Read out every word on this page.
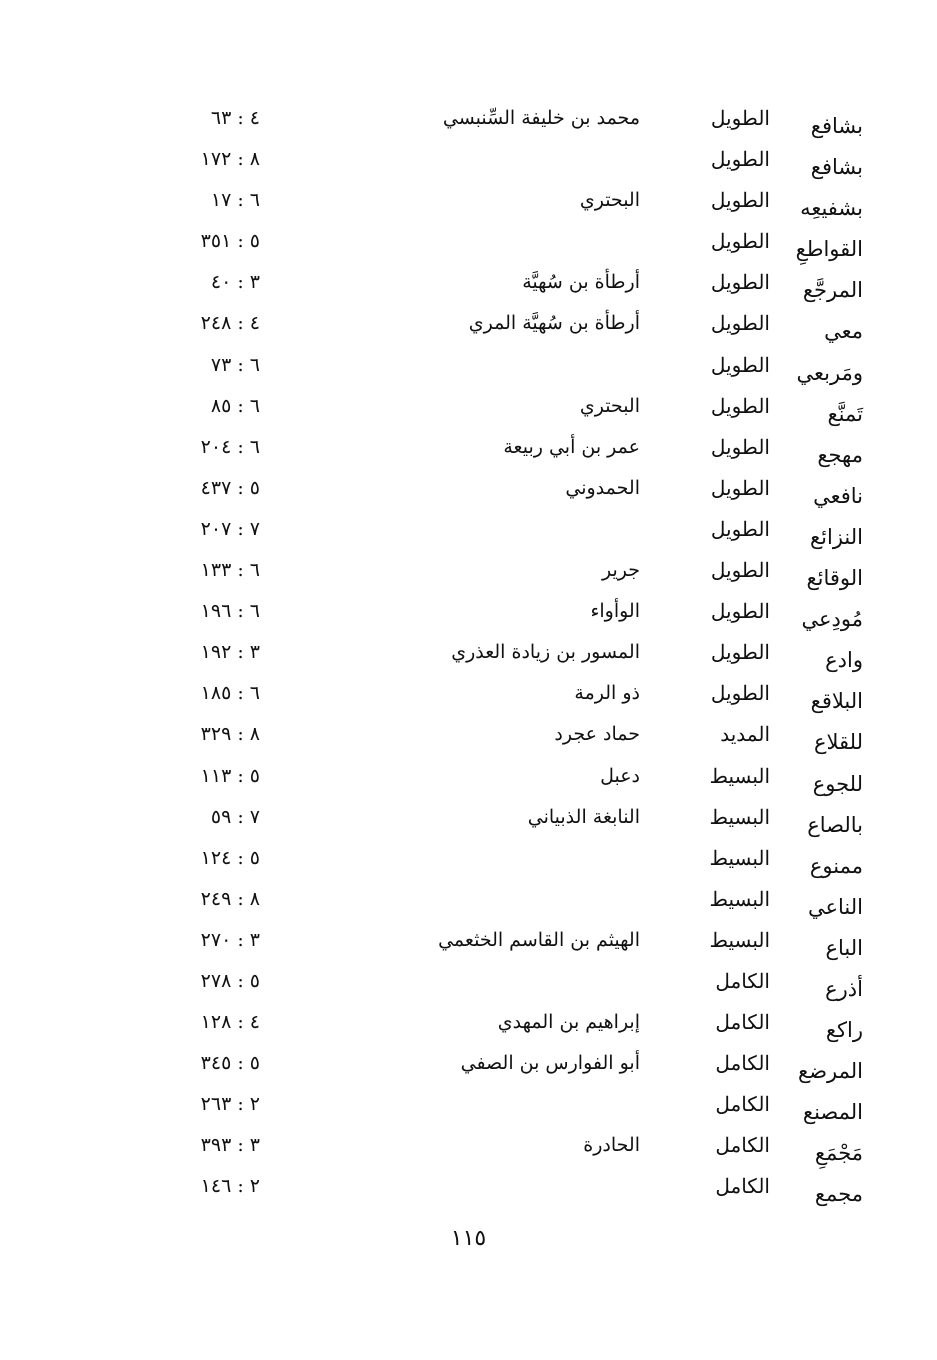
بشافع
الطويل
محمد بن خليفة السِّنبسي
٤ : ٦٣
بشافع
الطويل
٨ : ١٧٢
بشفيعِه
الطويل
البحتري
٦ : ١٧
القواطعِ
الطويل
٥ : ٣٥١
المرجَّع
الطويل
أرطأة بن سُهيَّة
٣ : ٤٠
معي
الطويل
أرطأة بن سُهيَّة المري
٤ : ٢٤٨
ومَربعي
الطويل
٦ : ٧٣
تَمنَّع
الطويل
البحتري
٦ : ٨٥
مهجع
الطويل
عمر بن أبي ربيعة
٦ : ٢٠٤
نافعي
الطويل
الحمدوني
٥ : ٤٣٧
النزائع
الطويل
٧ : ٢٠٧
الوقائع
الطويل
جرير
٦ : ١٣٣
مُودِعي
الطويل
الوأواء
٦ : ١٩٦
وادع
الطويل
المسور بن زيادة العذري
٣ : ١٩٢
البلاقع
الطويل
ذو الرمة
٦ : ١٨٥
للقلاع
المديد
حماد عجرد
٨ : ٣٢٩
للجوع
البسيط
دعبل
٥ : ١١٣
بالصاع
البسيط
النابغة الذبياني
٧ : ٥٩
ممنوع
البسيط
٥ : ١٢٤
الناعي
البسيط
٨ : ٢٤٩
الباع
البسيط
الهيثم بن القاسم الخثعمي
٣ : ٢٧٠
أذرع
الكامل
٥ : ٢٧٨
راكع
الكامل
إبراهيم بن المهدي
٤ : ١٢٨
المرضع
الكامل
أبو الفوارس بن الصفي
٥ : ٣٤٥
المصنع
الكامل
٢ : ٢٦٣
مَجْمَعِ
الكامل
الحادرة
٣ : ٣٩٣
مجمع
الكامل
٢ : ١٤٦
١١٥
